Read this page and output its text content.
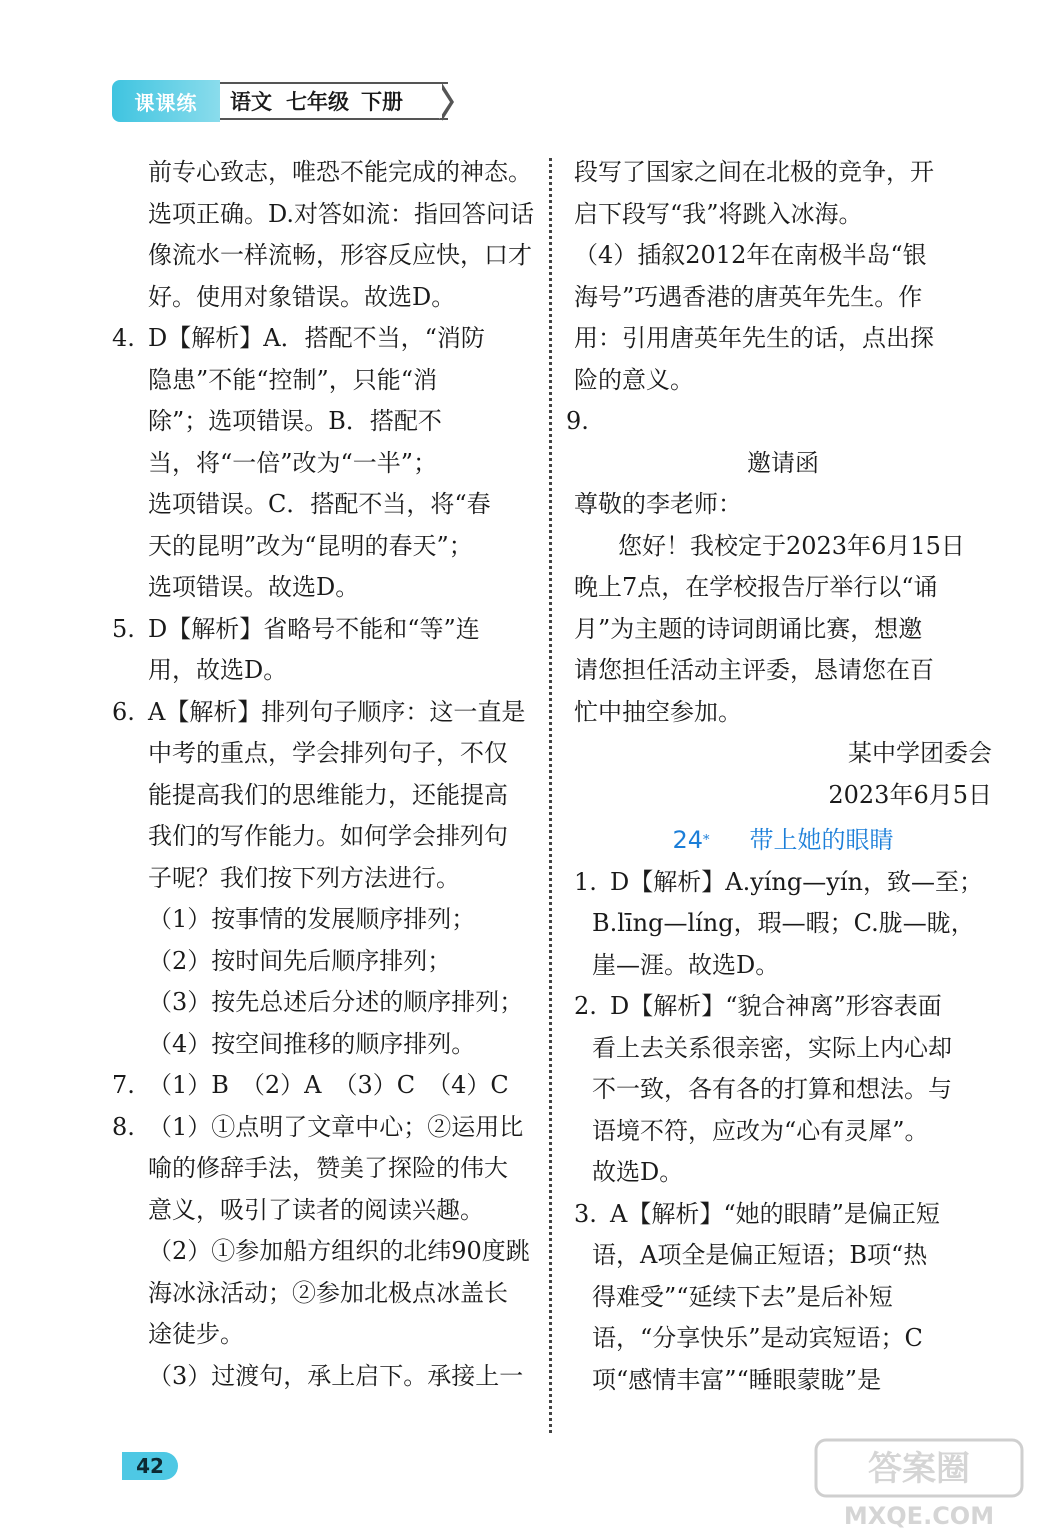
课课练	语文 七年级 下册

前专心致志，唯恐不能完成的神态。

选项正确。D.对答如流：指回答问话

像流水一样流畅，形容反应快，口才

好。使用对象错误。故选D。

4. D【解析】A．搭配不当，“消防

隐患”不能“控制”，只能“消

除”；选项错误。B．搭配不

当，将“一倍”改为“一半”；

选项错误。C．搭配不当，将“春

天的昆明”改为“昆明的春天”；

选项错误。故选D。

5. D【解析】省略号不能和“等”连

用，故选D。

6. A【解析】排列句子顺序：这一直是

中考的重点，学会排列句子，不仅

能提高我们的思维能力，还能提高

我们的写作能力。如何学会排列句

子呢？我们按下列方法进行。

（1）按事情的发展顺序排列；

（2）按时间先后顺序排列；

（3）按先总述后分述的顺序排列；

（4）按空间推移的顺序排列。

7. （1）B　（2）A　（3）C　（4）C

8. （1）①点明了文章中心；②运用比

喻的修辞手法，赞美了探险的伟大

意义，吸引了读者的阅读兴趣。

（2）①参加船方组织的北纬90度跳

海冰泳活动；②参加北极点冰盖长

途徒步。

（3）过渡句，承上启下。承接上一

段写了国家之间在北极的竞争，开

启下段写“我”将跳入冰海。

（4）插叙2012年在南极半岛“银

海号”巧遇香港的唐英年先生。作

用：引用唐英年先生的话，点出探

险的意义。

9.

邀请函

尊敬的李老师：

您好！我校定于2023年6月15日

晚上7点，在学校报告厅举行以“诵

月”为主题的诗词朗诵比赛，想邀

请您担任活动主评委，恳请您在百

忙中抽空参加。

某中学团委会

2023年6月5日

24* 带上她的眼睛
1. D【解析】A.yíng—yín，致—至；

B.līng—líng，瑕—暇；C.胧—眬，

崖—涯。故选D。

2. D【解析】“貌合神离”形容表面

看上去关系很亲密，实际上内心却

不一致，各有各的打算和想法。与

语境不符，应改为“心有灵犀”。

故选D。

3. A【解析】“她的眼睛”是偏正短

语，A项全是偏正短语；B项“热

得难受”“延续下去”是后补短

语，“分享快乐”是动宾短语；C

项“感情丰富”“睡眼蒙眬”是

42	答案圈
MXQE.COM
